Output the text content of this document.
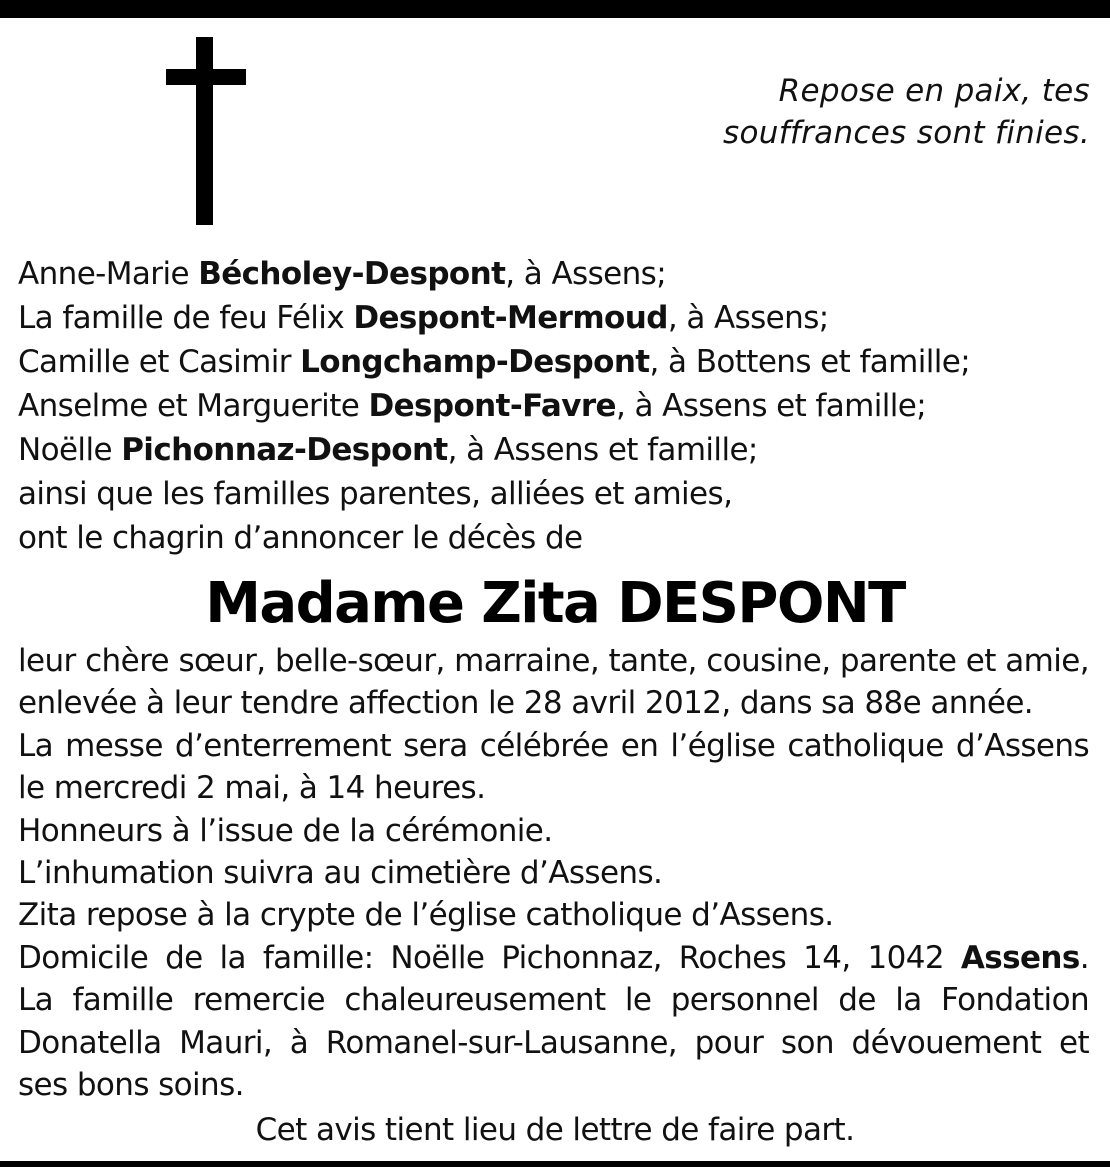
Repose en paix, tes
souffrances sont finies.
Anne-Marie Bécholey-Despont, à Assens;
La famille de feu Félix Despont-Mermoud, à Assens;
Camille et Casimir Longchamp-Despont, à Bottens et famille;
Anselme et Marguerite Despont-Favre, à Assens et famille;
Noëlle Pichonnaz-Despont, à Assens et famille;
ainsi que les familles parentes, alliées et amies,
ont le chagrin d’annoncer le décès de
Madame Zita DESPONT

leur chère sœur, belle-sœur, marraine, tante, cousine, parente et amie, enlevée à leur tendre affection le 28 avril 2012, dans sa 88e année.

La messe d’enterrement sera célébrée en l’église catholique d’Assens le mercredi 2 mai, à 14 heures.

Honneurs à l’issue de la cérémonie.

L’inhumation suivra au cimetière d’Assens.

Zita repose à la crypte de l’église catholique d’Assens.

Domicile de la famille: Noëlle Pichonnaz, Roches 14, 1042 Assens.

La famille remercie chaleureusement le personnel de la Fondation Donatella Mauri, à Romanel-sur-Lausanne, pour son dévouement et ses bons soins.

Cet avis tient lieu de lettre de faire part.
